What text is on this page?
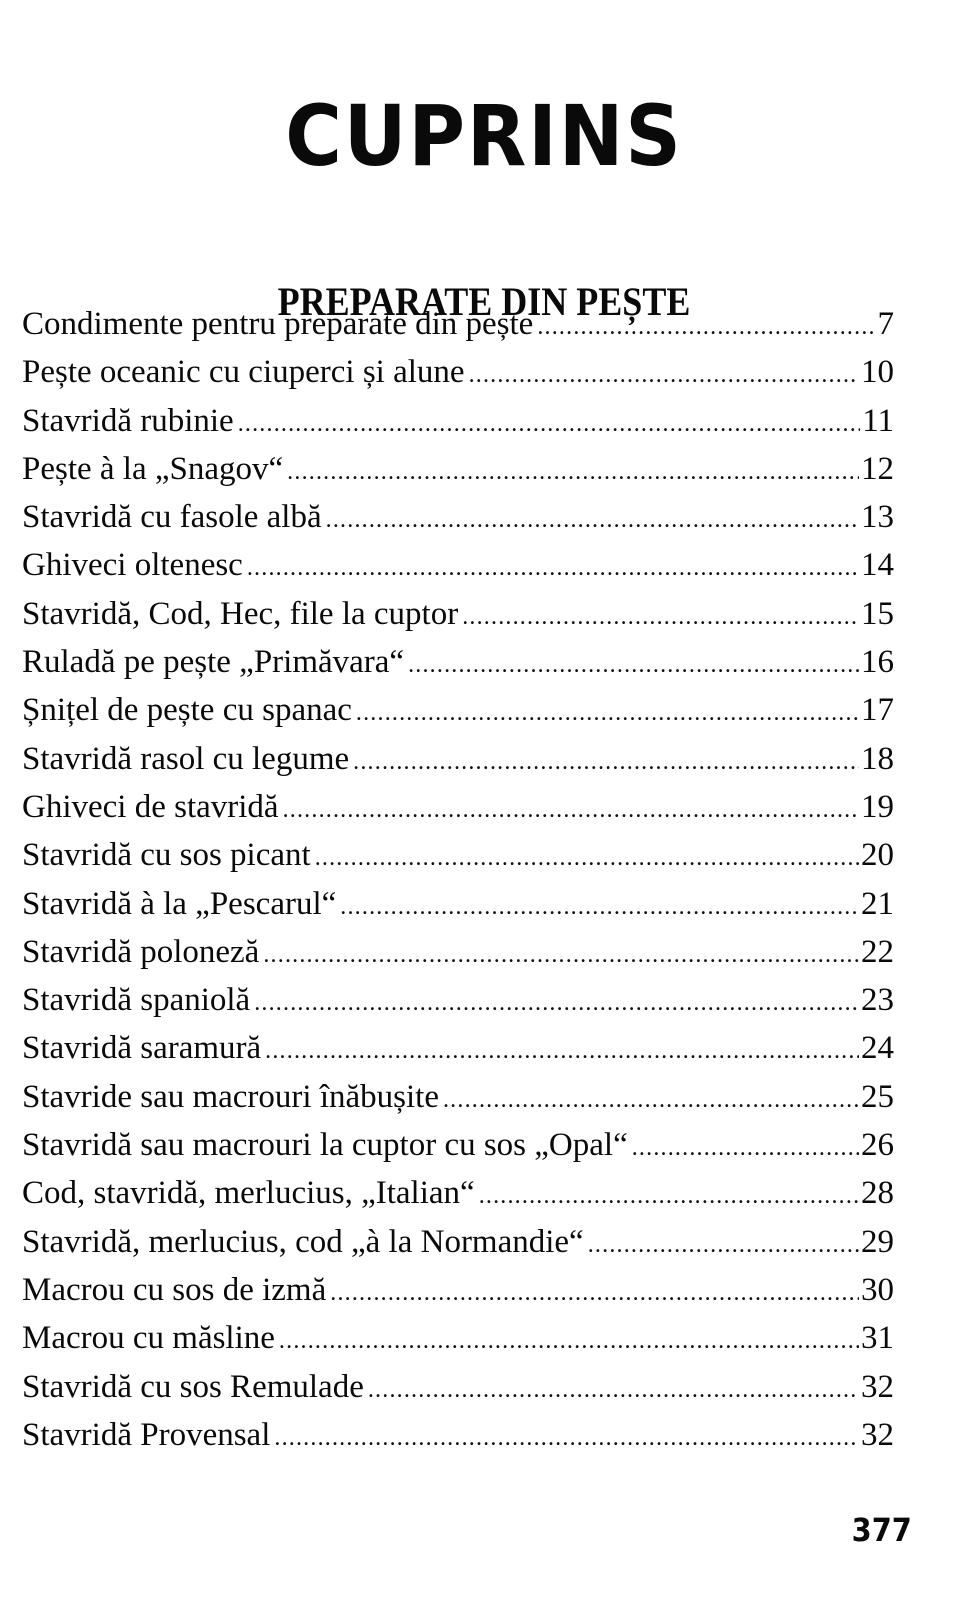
CUPRINS
PREPARATE DIN PEȘTE
Condimente pentru preparate din pește .....	7
Pește oceanic cu ciuperci și alune .....	10
Stavridă rubinie .....	11
Pește à la „Snagov“ .....	12
Stavridă cu fasole albă .....	13
Ghiveci oltenesc .....	14
Stavridă, Cod, Hec, file la cuptor .....	15
Ruladă pe pește „Primăvara“ .....	16
Șnițel de pește cu spanac .....	17
Stavridă rasol cu legume .....	18
Ghiveci de stavridă .....	19
Stavridă cu sos picant .....	20
Stavridă à la „Pescarul“ .....	21
Stavridă poloneză .....	22
Stavridă spaniolă .....	23
Stavridă saramură .....	24
Stavride sau macrouri înăbușite .....	25
Stavridă sau macrouri la cuptor cu sos „Opal“ .....	26
Cod, stavridă, merlucius, „Italian“ .....	28
Stavridă, merlucius, cod „à la Normandie“ .....	29
Macrou cu sos de izmă .....	30
Macrou cu măsline .....	31
Stavridă cu sos Remulade .....	32
Stavridă Provensal .....	32
377
